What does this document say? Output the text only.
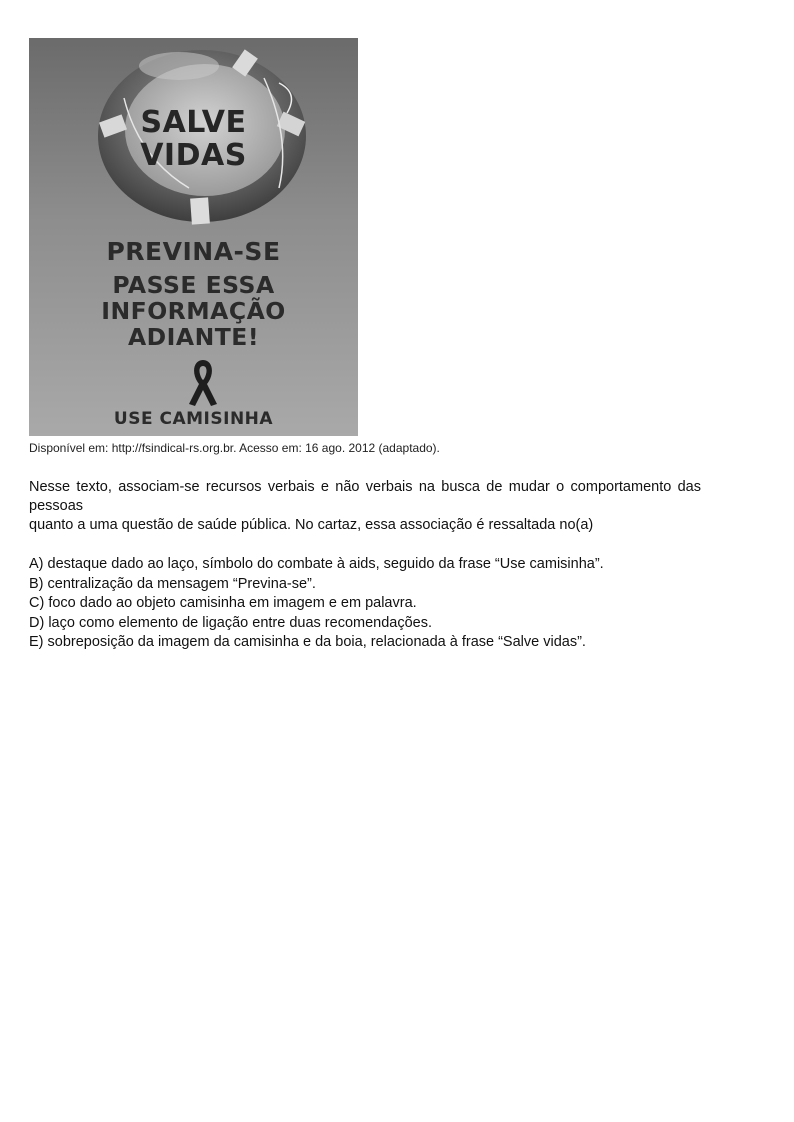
SALVE
VIDAS

PREVINA-SE

PASSE ESSA
INFORMAÇÃO
ADIANTE!

USE CAMISINHA

Disponível em: http://fsindical-rs.org.br. Acesso em: 16 ago. 2012 (adaptado).

Nesse texto, associam-se recursos verbais e não verbais na busca de mudar o comportamento das
pessoas
quanto a uma questão de saúde pública. No cartaz, essa associação é ressaltada no(a)

A) destaque dado ao laço, símbolo do combate à aids, seguido da frase “Use camisinha”.
B) centralização da mensagem “Previna-se”.
C) foco dado ao objeto camisinha em imagem e em palavra.
D) laço como elemento de ligação entre duas recomendações.
E) sobreposição da imagem da camisinha e da boia, relacionada à frase “Salve vidas”.
